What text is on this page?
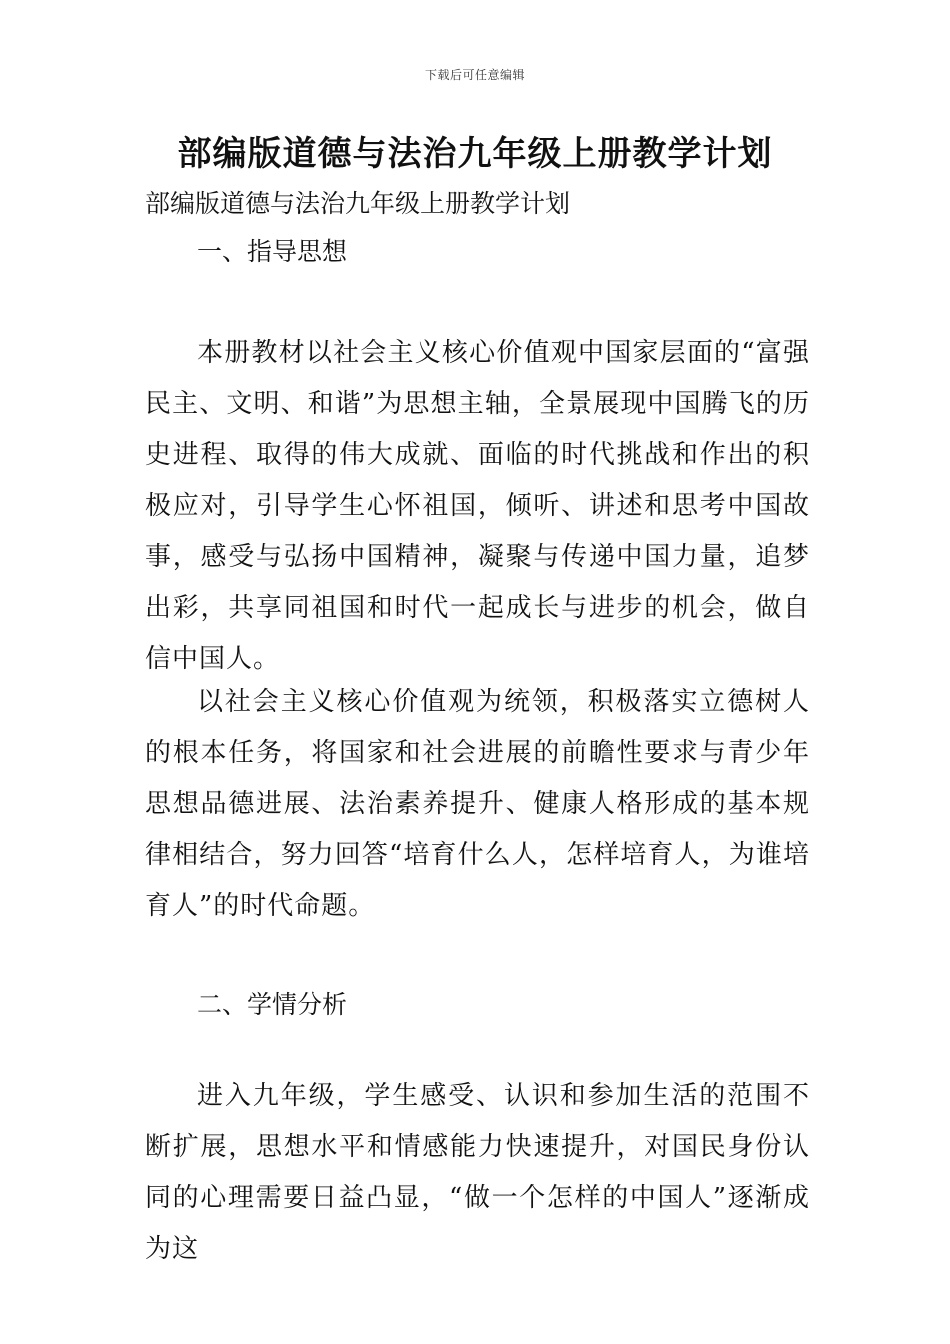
下载后可任意编辑
部编版道德与法治九年级上册教学计划
部编版道德与法治九年级上册教学计划
一、指导思想

本册教材以社会主义核心价值观中国家层面的“富强民主、文明、和谐”为思想主轴，全景展现中国腾飞的历史进程、取得的伟大成就、面临的时代挑战和作出的积极应对，引导学生心怀祖国，倾听、讲述和思考中国故事，感受与弘扬中国精神，凝聚与传递中国力量，追梦出彩，共享同祖国和时代一起成长与进步的机会，做自信中国人。

以社会主义核心价值观为统领，积极落实立德树人的根本任务，将国家和社会进展的前瞻性要求与青少年思想品德进展、法治素养提升、健康人格形成的基本规律相结合，努力回答“培育什么人，怎样培育人，为谁培育人”的时代命题。

二、学情分析

进入九年级，学生感受、认识和参加生活的范围不断扩展，思想水平和情感能力快速提升，对国民身份认同的心理需要日益凸显，“做一个怎样的中国人”逐渐成为这
